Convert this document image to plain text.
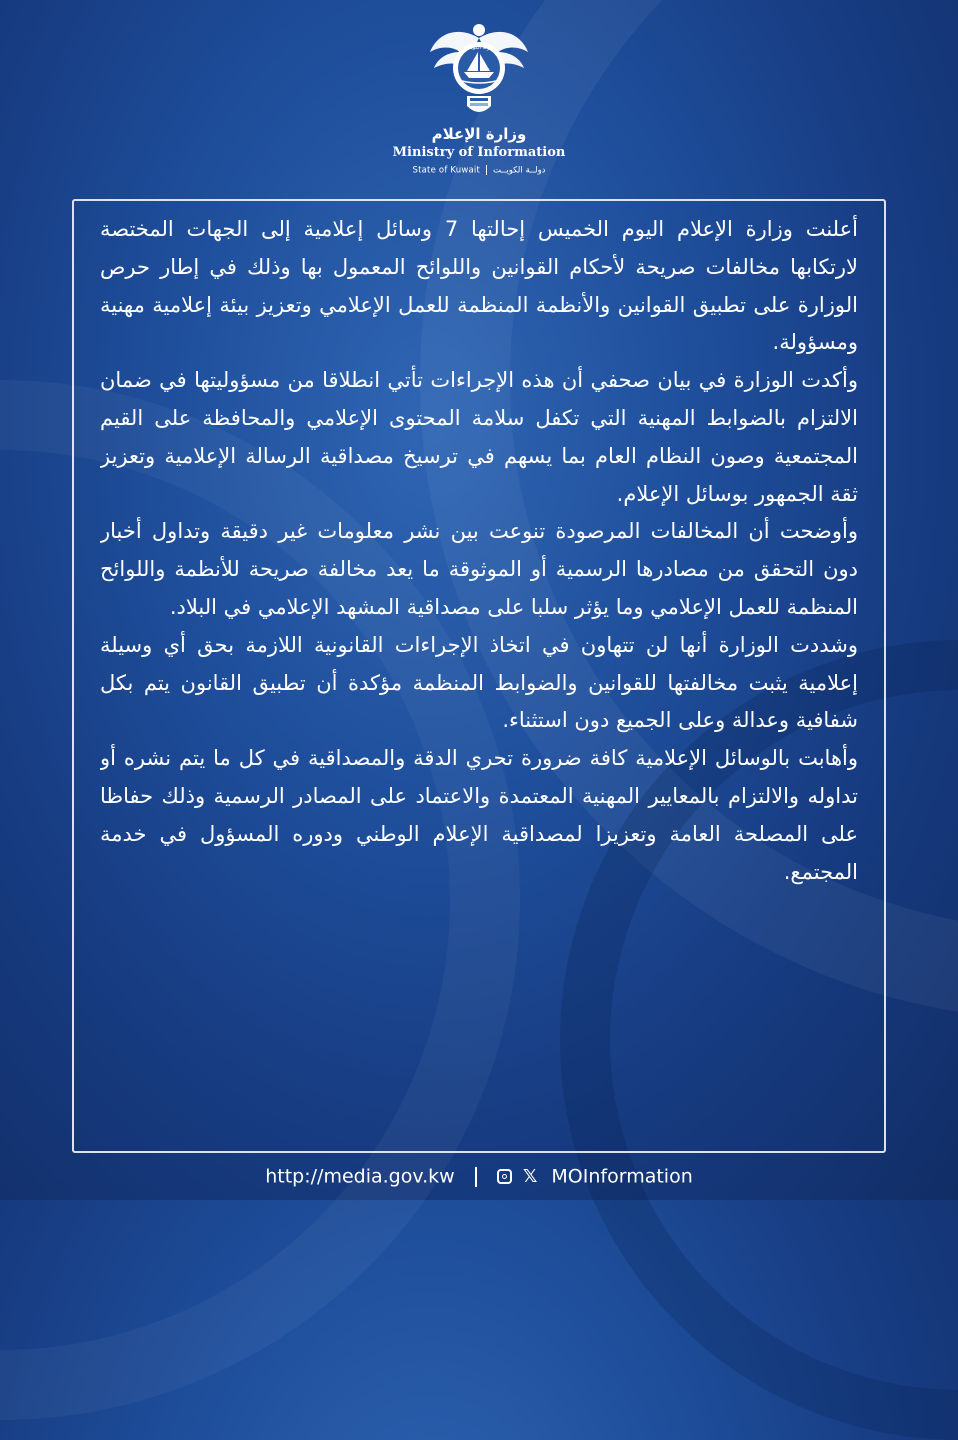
دولة الكويت
وزارة الإعلام
Ministry of Information
State of Kuwait دولــة الكويــت

أعلنت وزارة الإعلام اليوم الخميس إحالتها 7 وسائل إعلامية إلى الجهات المختصة لارتكابها مخالفات صريحة لأحكام القوانين واللوائح المعمول بها وذلك في إطار حرص الوزارة على تطبيق القوانين والأنظمة المنظمة للعمل الإعلامي وتعزيز بيئة إعلامية مهنية ومسؤولة.

وأكدت الوزارة في بيان صحفي أن هذه الإجراءات تأتي انطلاقا من مسؤوليتها في ضمان الالتزام بالضوابط المهنية التي تكفل سلامة المحتوى الإعلامي والمحافظة على القيم المجتمعية وصون النظام العام بما يسهم في ترسيخ مصداقية الرسالة الإعلامية وتعزيز ثقة الجمهور بوسائل الإعلام.

وأوضحت أن المخالفات المرصودة تنوعت بين نشر معلومات غير دقيقة وتداول أخبار دون التحقق من مصادرها الرسمية أو الموثوقة ما يعد مخالفة صريحة للأنظمة واللوائح المنظمة للعمل الإعلامي وما يؤثر سلبا على مصداقية المشهد الإعلامي في البلاد.

وشددت الوزارة أنها لن تتهاون في اتخاذ الإجراءات القانونية اللازمة بحق أي وسيلة إعلامية يثبت مخالفتها للقوانين والضوابط المنظمة مؤكدة أن تطبيق القانون يتم بكل شفافية وعدالة وعلى الجميع دون استثناء.

وأهابت بالوسائل الإعلامية كافة ضرورة تحري الدقة والمصداقية في كل ما يتم نشره أو تداوله والالتزام بالمعايير المهنية المعتمدة والاعتماد على المصادر الرسمية وذلك حفاظا على المصلحة العامة وتعزيزا لمصداقية الإعلام الوطني ودوره المسؤول في خدمة المجتمع.

http://media.gov.kw	𝕏 MOInformation
